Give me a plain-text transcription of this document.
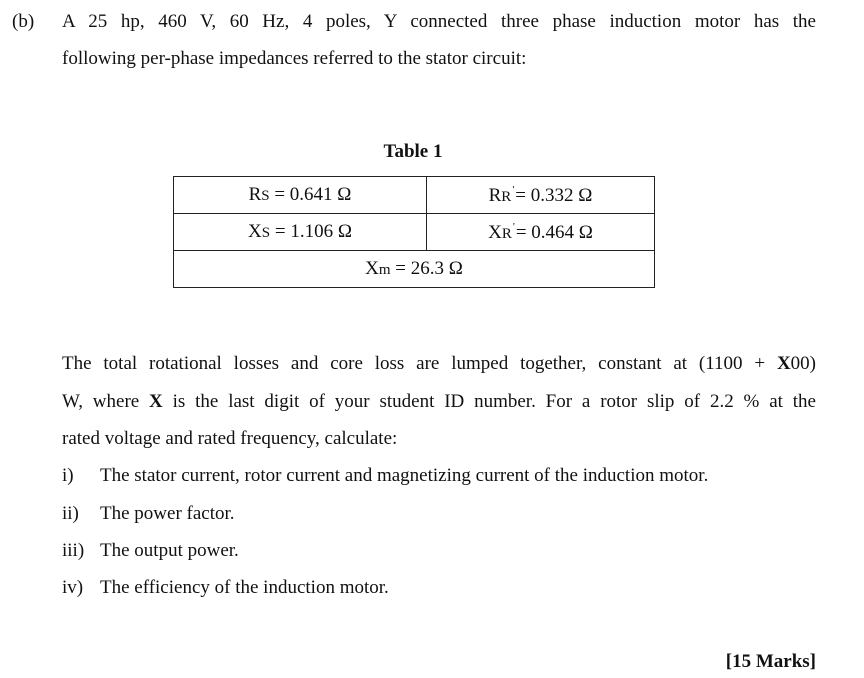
(b) A 25 hp, 460 V, 60 Hz, 4 poles, Y connected three phase induction motor has the
following per-phase impedances referred to the stator circuit:
Table 1
RS = 0.641 Ω	RR'= 0.332 Ω
XS = 1.106 Ω	XR'= 0.464 Ω
Xm = 26.3 Ω	
The total rotational losses and core loss are lumped together, constant at (1100 + X00)
W, where X is the last digit of your student ID number. For a rotor slip of 2.2 % at the
rated voltage and rated frequency, calculate:
i) The stator current, rotor current and magnetizing current of the induction motor.
ii) The power factor.
iii) The output power.
iv) The efficiency of the induction motor.
[15 Marks]
